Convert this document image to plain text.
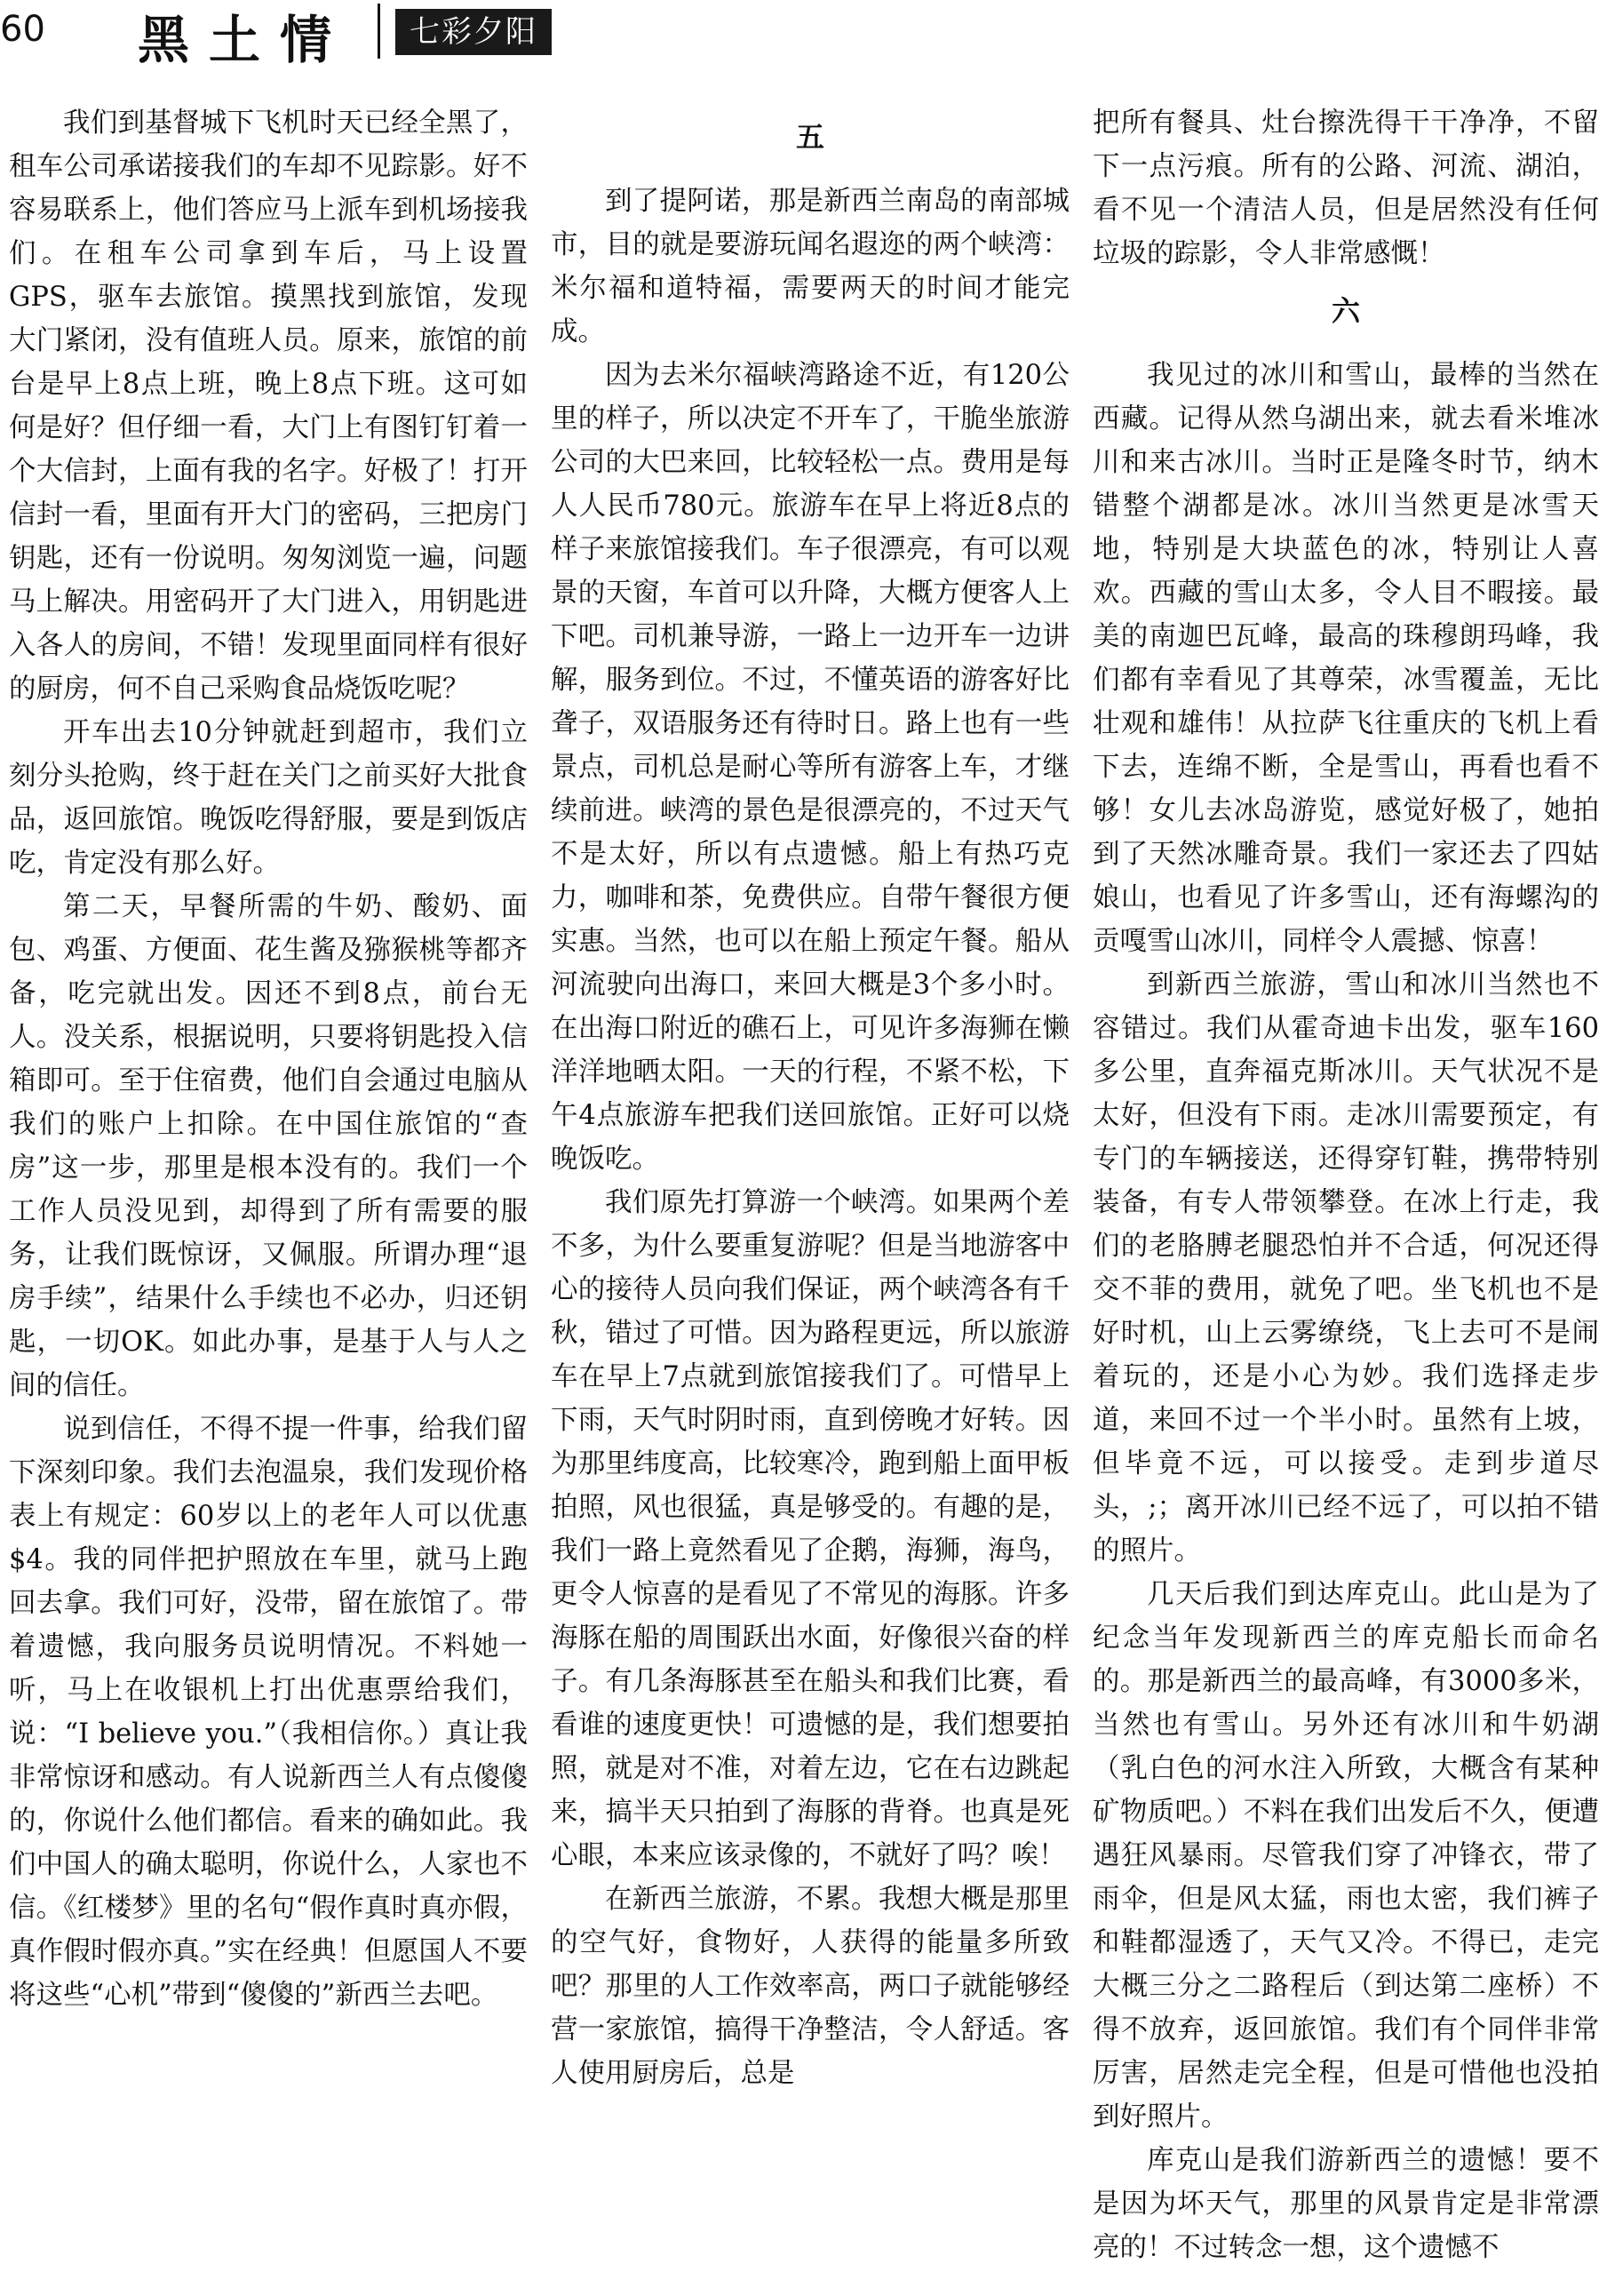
60 黑土情	七彩夕阳

我们到基督城下飞机时天已经全黑了，租车公司承诺接我们的车却不见踪影。好不容易联系上，他们答应马上派车到机场接我们。在租车公司拿到车后，马上设置GPS，驱车去旅馆。摸黑找到旅馆，发现大门紧闭，没有值班人员。原来，旅馆的前台是早上8点上班，晚上8点下班。这可如何是好？但仔细一看，大门上有图钉钉着一个大信封，上面有我的名字。好极了！打开信封一看，里面有开大门的密码，三把房门钥匙，还有一份说明。匆匆浏览一遍，问题马上解决。用密码开了大门进入，用钥匙进入各人的房间，不错！发现里面同样有很好的厨房，何不自己采购食品烧饭吃呢？

开车出去10分钟就赶到超市，我们立刻分头抢购，终于赶在关门之前买好大批食品，返回旅馆。晚饭吃得舒服，要是到饭店吃，肯定没有那么好。

第二天，早餐所需的牛奶、酸奶、面包、鸡蛋、方便面、花生酱及猕猴桃等都齐备，吃完就出发。因还不到8点，前台无人。没关系，根据说明，只要将钥匙投入信箱即可。至于住宿费，他们自会通过电脑从我们的账户上扣除。在中国住旅馆的“查房”这一步，那里是根本没有的。我们一个工作人员没见到，却得到了所有需要的服务，让我们既惊讶，又佩服。所谓办理“退房手续”，结果什么手续也不必办，归还钥匙，一切OK。如此办事，是基于人与人之间的信任。

说到信任，不得不提一件事，给我们留下深刻印象。我们去泡温泉，我们发现价格表上有规定：60岁以上的老年人可以优惠$4。我的同伴把护照放在车里，就马上跑回去拿。我们可好，没带，留在旅馆了。带着遗憾，我向服务员说明情况。不料她一听，马上在收银机上打出优惠票给我们，说：“I believe you.”（我相信你。）真让我非常惊讶和感动。有人说新西兰人有点傻傻的，你说什么他们都信。看来的确如此。我们中国人的确太聪明，你说什么，人家也不信。《红楼梦》里的名句“假作真时真亦假，真作假时假亦真。”实在经典！但愿国人不要将这些“心机”带到“傻傻的”新西兰去吧。

五

到了提阿诺，那是新西兰南岛的南部城市，目的就是要游玩闻名遐迩的两个峡湾：米尔福和道特福，需要两天的时间才能完成。

因为去米尔福峡湾路途不近，有120公里的样子，所以决定不开车了，干脆坐旅游公司的大巴来回，比较轻松一点。费用是每人人民币780元。旅游车在早上将近8点的样子来旅馆接我们。车子很漂亮，有可以观景的天窗，车首可以升降，大概方便客人上下吧。司机兼导游，一路上一边开车一边讲解，服务到位。不过，不懂英语的游客好比聋子，双语服务还有待时日。路上也有一些景点，司机总是耐心等所有游客上车，才继续前进。峡湾的景色是很漂亮的，不过天气不是太好，所以有点遗憾。船上有热巧克力，咖啡和茶，免费供应。自带午餐很方便实惠。当然，也可以在船上预定午餐。船从河流驶向出海口，来回大概是3个多小时。在出海口附近的礁石上，可见许多海狮在懒洋洋地晒太阳。一天的行程，不紧不松，下午4点旅游车把我们送回旅馆。正好可以烧晚饭吃。

我们原先打算游一个峡湾。如果两个差不多，为什么要重复游呢？但是当地游客中心的接待人员向我们保证，两个峡湾各有千秋，错过了可惜。因为路程更远，所以旅游车在早上7点就到旅馆接我们了。可惜早上下雨，天气时阴时雨，直到傍晚才好转。因为那里纬度高，比较寒冷，跑到船上面甲板拍照，风也很猛，真是够受的。有趣的是，我们一路上竟然看见了企鹅，海狮，海鸟，更令人惊喜的是看见了不常见的海豚。许多海豚在船的周围跃出水面，好像很兴奋的样子。有几条海豚甚至在船头和我们比赛，看看谁的速度更快！可遗憾的是，我们想要拍照，就是对不准，对着左边，它在右边跳起来，搞半天只拍到了海豚的背脊。也真是死心眼，本来应该录像的，不就好了吗？唉！

在新西兰旅游，不累。我想大概是那里的空气好，食物好，人获得的能量多所致吧？那里的人工作效率高，两口子就能够经营一家旅馆，搞得干净整洁，令人舒适。客人使用厨房后，总是

把所有餐具、灶台擦洗得干干净净，不留下一点污痕。所有的公路、河流、湖泊，看不见一个清洁人员，但是居然没有任何垃圾的踪影，令人非常感慨！

六

我见过的冰川和雪山，最棒的当然在西藏。记得从然乌湖出来，就去看米堆冰川和来古冰川。当时正是隆冬时节，纳木错整个湖都是冰。冰川当然更是冰雪天地，特别是大块蓝色的冰，特别让人喜欢。西藏的雪山太多，令人目不暇接。最美的南迦巴瓦峰，最高的珠穆朗玛峰，我们都有幸看见了其尊荣，冰雪覆盖，无比壮观和雄伟！从拉萨飞往重庆的飞机上看下去，连绵不断，全是雪山，再看也看不够！女儿去冰岛游览，感觉好极了，她拍到了天然冰雕奇景。我们一家还去了四姑娘山，也看见了许多雪山，还有海螺沟的贡嘎雪山冰川，同样令人震撼、惊喜！

到新西兰旅游，雪山和冰川当然也不容错过。我们从霍奇迪卡出发，驱车160多公里，直奔福克斯冰川。天气状况不是太好，但没有下雨。走冰川需要预定，有专门的车辆接送，还得穿钉鞋，携带特别装备，有专人带领攀登。在冰上行走，我们的老胳膊老腿恐怕并不合适，何况还得交不菲的费用，就免了吧。坐飞机也不是好时机，山上云雾缭绕，飞上去可不是闹着玩的，还是小心为妙。我们选择走步道，来回不过一个半小时。虽然有上坡，但毕竟不远，可以接受。走到步道尽头，;；离开冰川已经不远了，可以拍不错的照片。

几天后我们到达库克山。此山是为了纪念当年发现新西兰的库克船长而命名的。那是新西兰的最高峰，有3000多米，当然也有雪山。另外还有冰川和牛奶湖（乳白色的河水注入所致，大概含有某种矿物质吧。）不料在我们出发后不久，便遭遇狂风暴雨。尽管我们穿了冲锋衣，带了雨伞，但是风太猛，雨也太密，我们裤子和鞋都湿透了，天气又冷。不得已，走完大概三分之二路程后（到达第二座桥）不得不放弃，返回旅馆。我们有个同伴非常厉害，居然走完全程，但是可惜他也没拍到好照片。

库克山是我们游新西兰的遗憾！要不是因为坏天气，那里的风景肯定是非常漂亮的！不过转念一想，这个遗憾不
